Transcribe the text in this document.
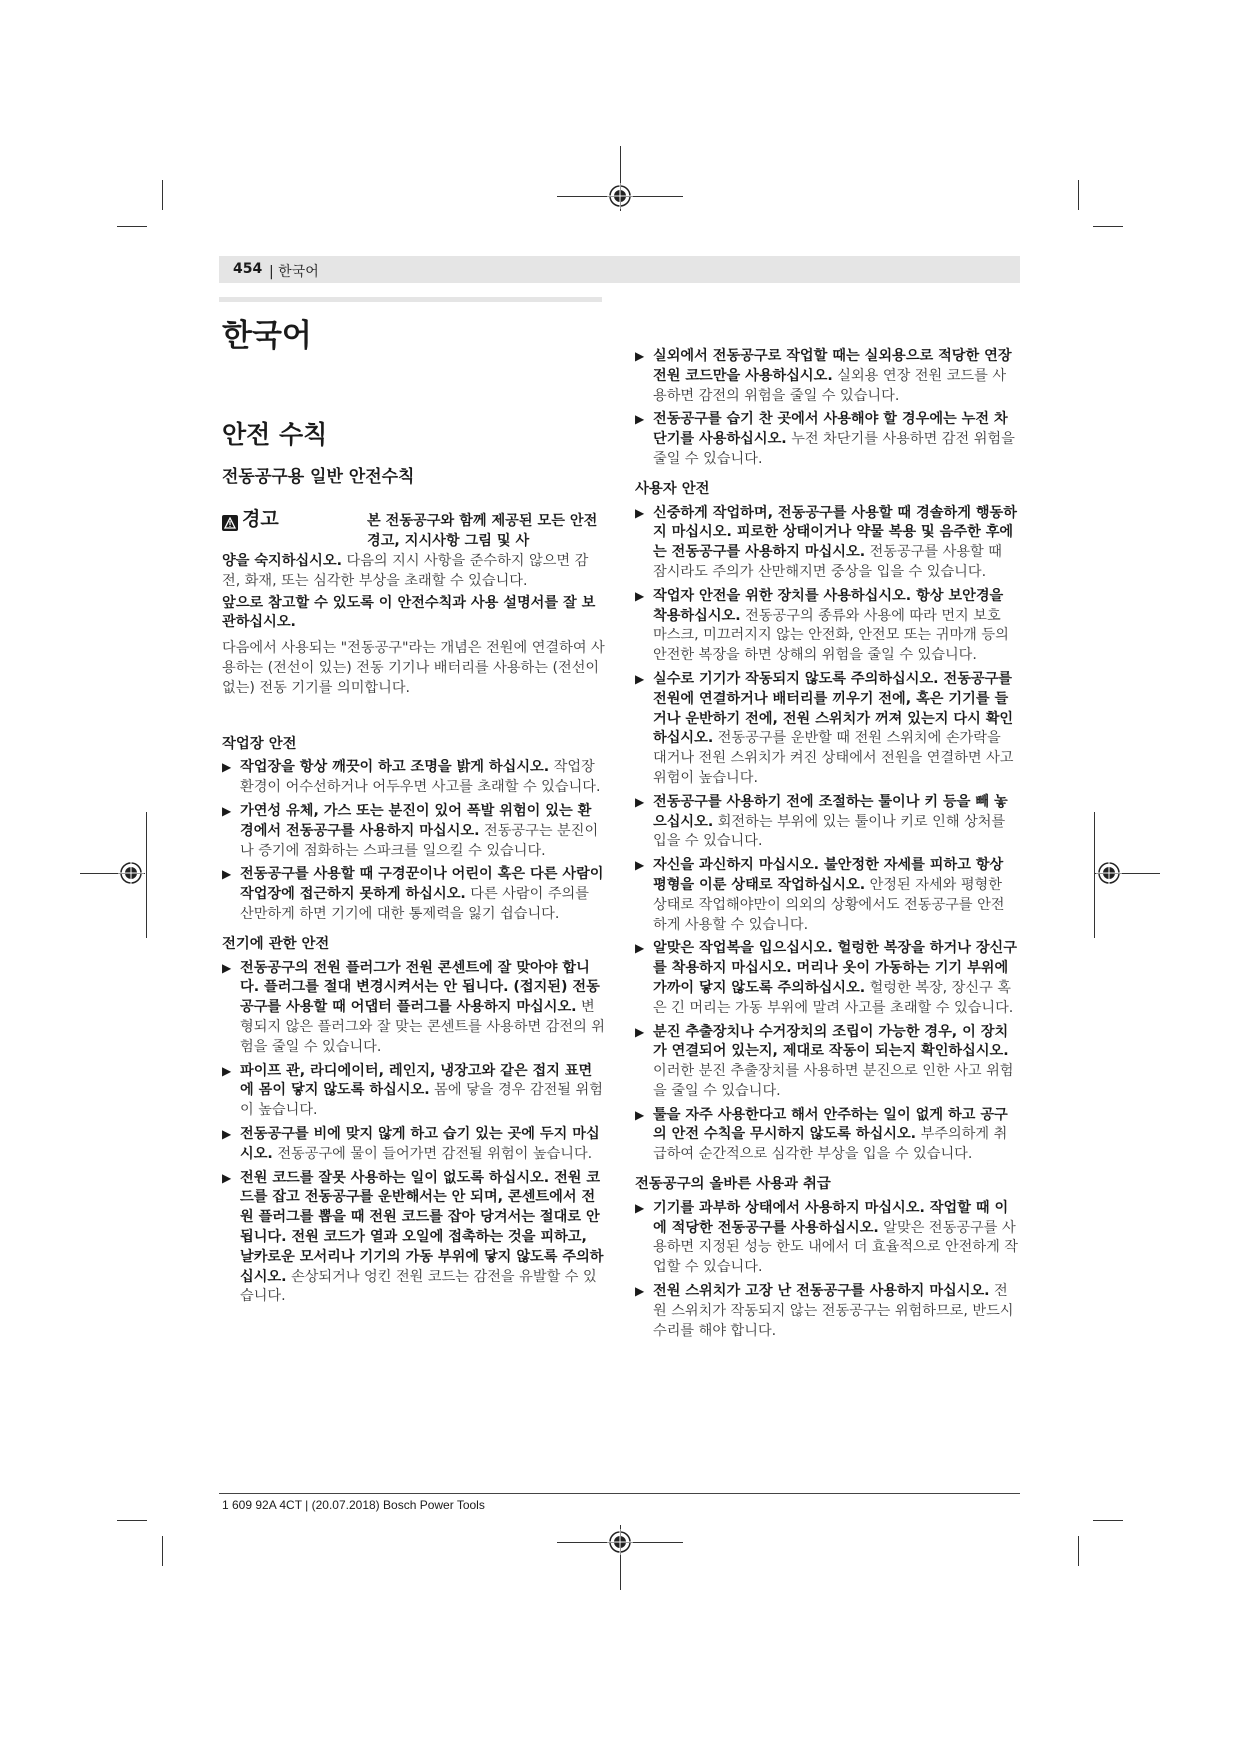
454 | 한국어
한국어
안전 수칙
전동공구용 일반 안전수칙
경고	본 전동공구와 함께 제공된 모든 안전경고, 지시사항 그림 및 사

양을 숙지하십시오. 다음의 지시 사항을 준수하지 않으면 감전, 화재, 또는 심각한 부상을 초래할 수 있습니다.

앞으로 참고할 수 있도록 이 안전수칙과 사용 설명서를 잘 보관하십시오.

다음에서 사용되는 "전동공구"라는 개념은 전원에 연결하여 사용하는 (전선이 있는) 전동 기기나 배터리를 사용하는 (전선이 없는) 전동 기기를 의미합니다.

작업장 안전

▶ 작업장을 항상 깨끗이 하고 조명을 밝게 하십시오. 작업장 환경이 어수선하거나 어두우면 사고를 초래할 수 있습니다.

▶ 가연성 유체, 가스 또는 분진이 있어 폭발 위험이 있는 환경에서 전동공구를 사용하지 마십시오. 전동공구는 분진이나 증기에 점화하는 스파크를 일으킬 수 있습니다.

▶ 전동공구를 사용할 때 구경꾼이나 어린이 혹은 다른 사람이 작업장에 접근하지 못하게 하십시오. 다른 사람이 주의를 산만하게 하면 기기에 대한 통제력을 잃기 쉽습니다.

전기에 관한 안전

▶ 전동공구의 전원 플러그가 전원 콘센트에 잘 맞아야 합니다. 플러그를 절대 변경시켜서는 안 됩니다. (접지된) 전동공구를 사용할 때 어댑터 플러그를 사용하지 마십시오. 변형되지 않은 플러그와 잘 맞는 콘센트를 사용하면 감전의 위험을 줄일 수 있습니다.

▶ 파이프 관, 라디에이터, 레인지, 냉장고와 같은 접지 표면에 몸이 닿지 않도록 하십시오. 몸에 닿을 경우 감전될 위험이 높습니다.

▶ 전동공구를 비에 맞지 않게 하고 습기 있는 곳에 두지 마십시오. 전동공구에 물이 들어가면 감전될 위험이 높습니다.

▶ 전원 코드를 잘못 사용하는 일이 없도록 하십시오. 전원 코드를 잡고 전동공구를 운반해서는 안 되며, 콘센트에서 전원 플러그를 뽑을 때 전원 코드를 잡아 당겨서는 절대로 안 됩니다. 전원 코드가 열과 오일에 접촉하는 것을 피하고, 날카로운 모서리나 기기의 가동 부위에 닿지 않도록 주의하십시오. 손상되거나 엉킨 전원 코드는 감전을 유발할 수 있습니다.

▶ 실외에서 전동공구로 작업할 때는 실외용으로 적당한 연장 전원 코드만을 사용하십시오. 실외용 연장 전원 코드를 사용하면 감전의 위험을 줄일 수 있습니다.

▶ 전동공구를 습기 찬 곳에서 사용해야 할 경우에는 누전 차단기를 사용하십시오. 누전 차단기를 사용하면 감전 위험을 줄일 수 있습니다.

사용자 안전

▶ 신중하게 작업하며, 전동공구를 사용할 때 경솔하게 행동하지 마십시오. 피로한 상태이거나 약물 복용 및 음주한 후에는 전동공구를 사용하지 마십시오. 전동공구를 사용할 때 잠시라도 주의가 산만해지면 중상을 입을 수 있습니다.

▶ 작업자 안전을 위한 장치를 사용하십시오. 항상 보안경을 착용하십시오. 전동공구의 종류와 사용에 따라 먼지 보호 마스크, 미끄러지지 않는 안전화, 안전모 또는 귀마개 등의 안전한 복장을 하면 상해의 위험을 줄일 수 있습니다.

▶ 실수로 기기가 작동되지 않도록 주의하십시오. 전동공구를 전원에 연결하거나 배터리를 끼우기 전에, 혹은 기기를 들거나 운반하기 전에, 전원 스위치가 꺼져 있는지 다시 확인하십시오. 전동공구를 운반할 때 전원 스위치에 손가락을 대거나 전원 스위치가 켜진 상태에서 전원을 연결하면 사고 위험이 높습니다.

▶ 전동공구를 사용하기 전에 조절하는 툴이나 키 등을 빼 놓으십시오. 회전하는 부위에 있는 툴이나 키로 인해 상처를 입을 수 있습니다.

▶ 자신을 과신하지 마십시오. 불안정한 자세를 피하고 항상 평형을 이룬 상태로 작업하십시오. 안정된 자세와 평형한 상태로 작업해야만이 의외의 상황에서도 전동공구를 안전하게 사용할 수 있습니다.

▶ 알맞은 작업복을 입으십시오. 헐렁한 복장을 하거나 장신구를 착용하지 마십시오. 머리나 옷이 가동하는 기기 부위에 가까이 닿지 않도록 주의하십시오. 헐렁한 복장, 장신구 혹은 긴 머리는 가동 부위에 말려 사고를 초래할 수 있습니다.

▶ 분진 추출장치나 수거장치의 조립이 가능한 경우, 이 장치가 연결되어 있는지, 제대로 작동이 되는지 확인하십시오. 이러한 분진 추출장치를 사용하면 분진으로 인한 사고 위험을 줄일 수 있습니다.

▶ 툴을 자주 사용한다고 해서 안주하는 일이 없게 하고 공구의 안전 수칙을 무시하지 않도록 하십시오. 부주의하게 취급하여 순간적으로 심각한 부상을 입을 수 있습니다.

전동공구의 올바른 사용과 취급

▶ 기기를 과부하 상태에서 사용하지 마십시오. 작업할 때 이에 적당한 전동공구를 사용하십시오. 알맞은 전동공구를 사용하면 지정된 성능 한도 내에서 더 효율적으로 안전하게 작업할 수 있습니다.

▶ 전원 스위치가 고장 난 전동공구를 사용하지 마십시오. 전원 스위치가 작동되지 않는 전동공구는 위험하므로, 반드시 수리를 해야 합니다.

1 609 92A 4CT | (20.07.2018) Bosch Power Tools
